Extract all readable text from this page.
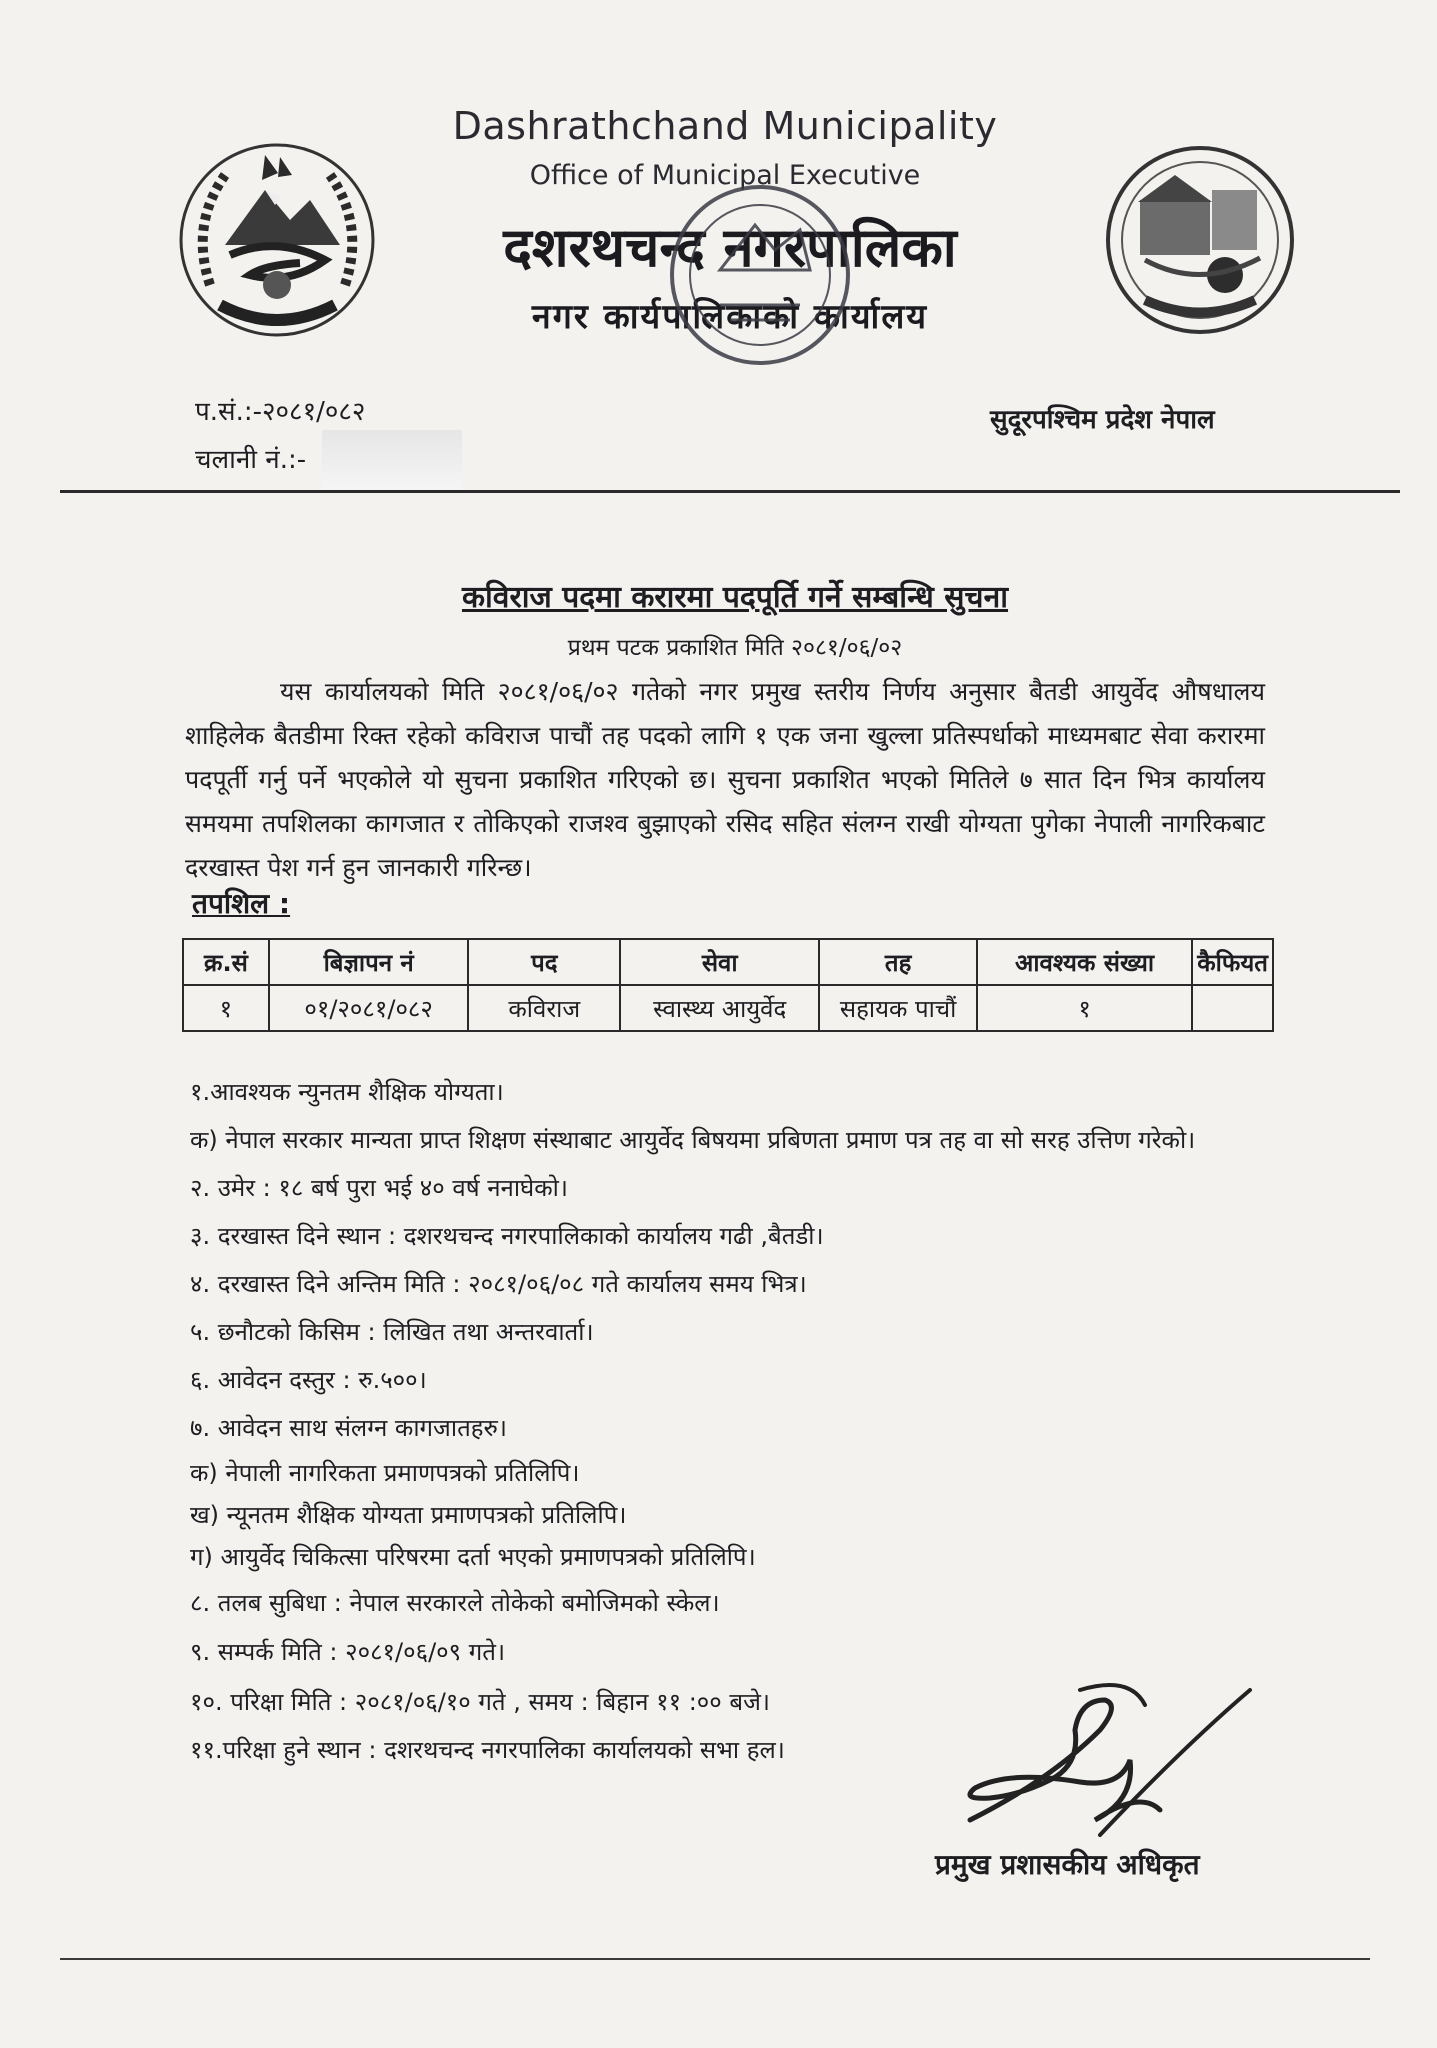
Dashrathchand Municipality
Office of Municipal Executive
दशरथचन्द नगरपालिका
नगर कार्यपालिकाको कार्यालय
प.सं.:-२०८१/०८२
चलानी नं.:-
सुदूरपश्चिम प्रदेश नेपाल
कविराज पदमा करारमा पदपूर्ति गर्ने सम्बन्धि सुचना
प्रथम पटक प्रकाशित मिति २०८१/०६/०२

यस कार्यालयको मिति २०८१/०६/०२ गतेको नगर प्रमुख स्तरीय निर्णय अनुसार बैतडी आयुर्वेद औषधालय शाहिलेक बैतडीमा रिक्त रहेको कविराज पाचौं तह पदको लागि १ एक जना खुल्ला प्रतिस्पर्धाको माध्यमबाट सेवा करारमा पदपूर्ती गर्नु पर्ने भएकोले यो सुचना प्रकाशित गरिएको छ। सुचना प्रकाशित भएको मितिले ७ सात दिन भित्र कार्यालय समयमा तपशिलका कागजात र तोकिएको राजश्व बुझाएको रसिद सहित संलग्न राखी योग्यता पुगेका नेपाली नागरिकबाट दरखास्त पेश गर्न हुन जानकारी गरिन्छ।

तपशिल :
क्र.सं	बिज्ञापन नं	पद	सेवा	तह	आवश्यक संख्या	कैफियत
१	०१/२०८१/०८२	कविराज	स्वास्थ्य आयुर्वेद	सहायक पाचौं	१	
१.आवश्यक न्युनतम शैक्षिक योग्यता।
क) नेपाल सरकार मान्यता प्राप्त शिक्षण संस्थाबाट आयुर्वेद बिषयमा प्रबिणता प्रमाण पत्र तह वा सो सरह उत्तिण गरेको।
२. उमेर : १८ बर्ष पुरा भई ४० वर्ष ननाघेको।
३. दरखास्त दिने स्थान : दशरथचन्द नगरपालिकाको कार्यालय गढी ,बैतडी।
४. दरखास्त दिने अन्तिम मिति : २०८१/०६/०८ गते कार्यालय समय भित्र।
५. छनौटको किसिम : लिखित तथा अन्तरवार्ता।
६. आवेदन दस्तुर : रु.५००।
७. आवेदन साथ संलग्न कागजातहरु।
क) नेपाली नागरिकता प्रमाणपत्रको प्रतिलिपि।
ख) न्यूनतम शैक्षिक योग्यता प्रमाणपत्रको प्रतिलिपि।
ग) आयुर्वेद चिकित्सा परिषरमा दर्ता भएको प्रमाणपत्रको प्रतिलिपि।
८. तलब सुबिधा : नेपाल सरकारले तोकेको बमोजिमको स्केल।
९. सम्पर्क मिति : २०८१/०६/०९ गते।
१०. परिक्षा मिति : २०८१/०६/१० गते , समय : बिहान ११ :०० बजे।
११.परिक्षा हुने स्थान : दशरथचन्द नगरपालिका कार्यालयको सभा हल।
प्रमुख प्रशासकीय अधिकृत
